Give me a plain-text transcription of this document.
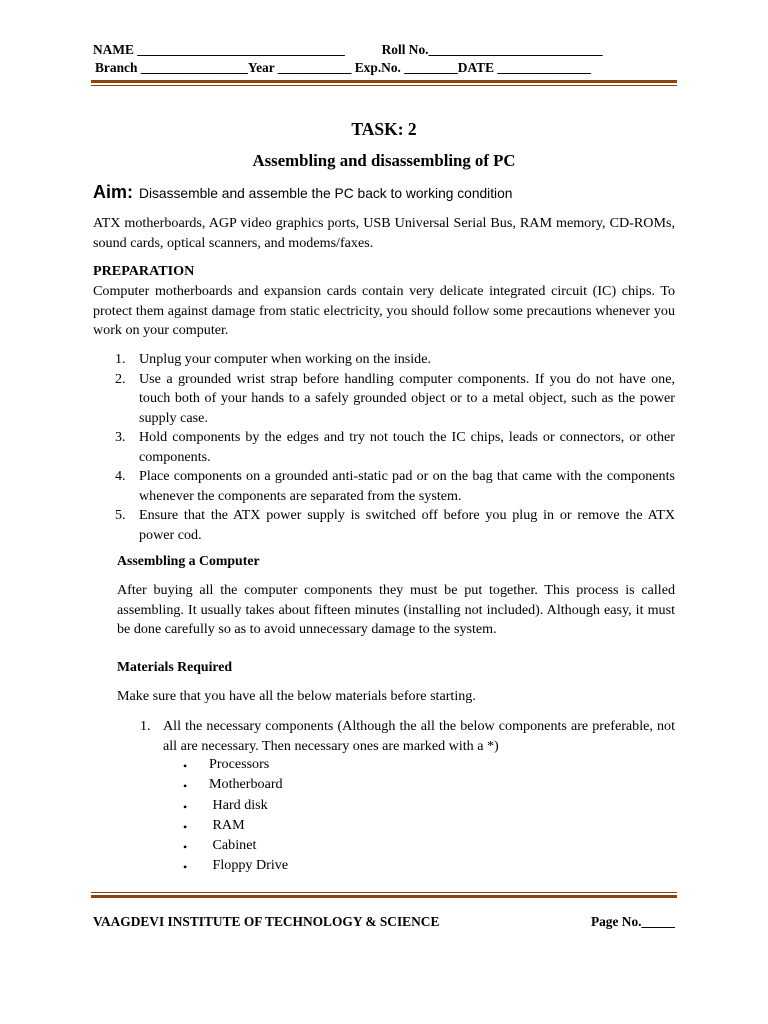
NAME _______________________________           Roll No.__________________________
Branch ________________Year ___________ Exp.No. ________DATE ______________
TASK: 2
Assembling and disassembling of PC
Aim: Disassemble and assemble the PC back to working condition
ATX motherboards, AGP video graphics ports, USB Universal Serial Bus, RAM memory, CD-ROMs, sound cards, optical scanners, and modems/faxes.
PREPARATION
Computer motherboards and expansion cards contain very delicate integrated circuit (IC) chips. To protect them against damage from static electricity, you should follow some precautions whenever you work on your computer.
1. Unplug your computer when working on the inside.
2. Use a grounded wrist strap before handling computer components. If you do not have one, touch both of your hands to a safely grounded object or to a metal object, such as the power supply case.
3. Hold components by the edges and try not touch the IC chips, leads or connectors, or other components.
4. Place components on a grounded anti-static pad or on the bag that came with the components whenever the components are separated from the system.
5. Ensure that the ATX power supply is switched off before you plug in or remove the ATX power cod.
Assembling a Computer
After buying all the computer components they must be put together. This process is called assembling. It usually takes about fifteen minutes (installing not included). Although easy, it must be done carefully so as to avoid unnecessary damage to the system.
Materials Required
Make sure that you have all the below materials before starting.
1. All the necessary components (Although the all the below components are preferable, not all are necessary. Then necessary ones are marked with a *)
• Processors
• Motherboard
• Hard disk
• RAM
• Cabinet
• Floppy Drive
VAAGDEVI INSTITUTE OF TECHNOLOGY & SCIENCE	Page No._____
